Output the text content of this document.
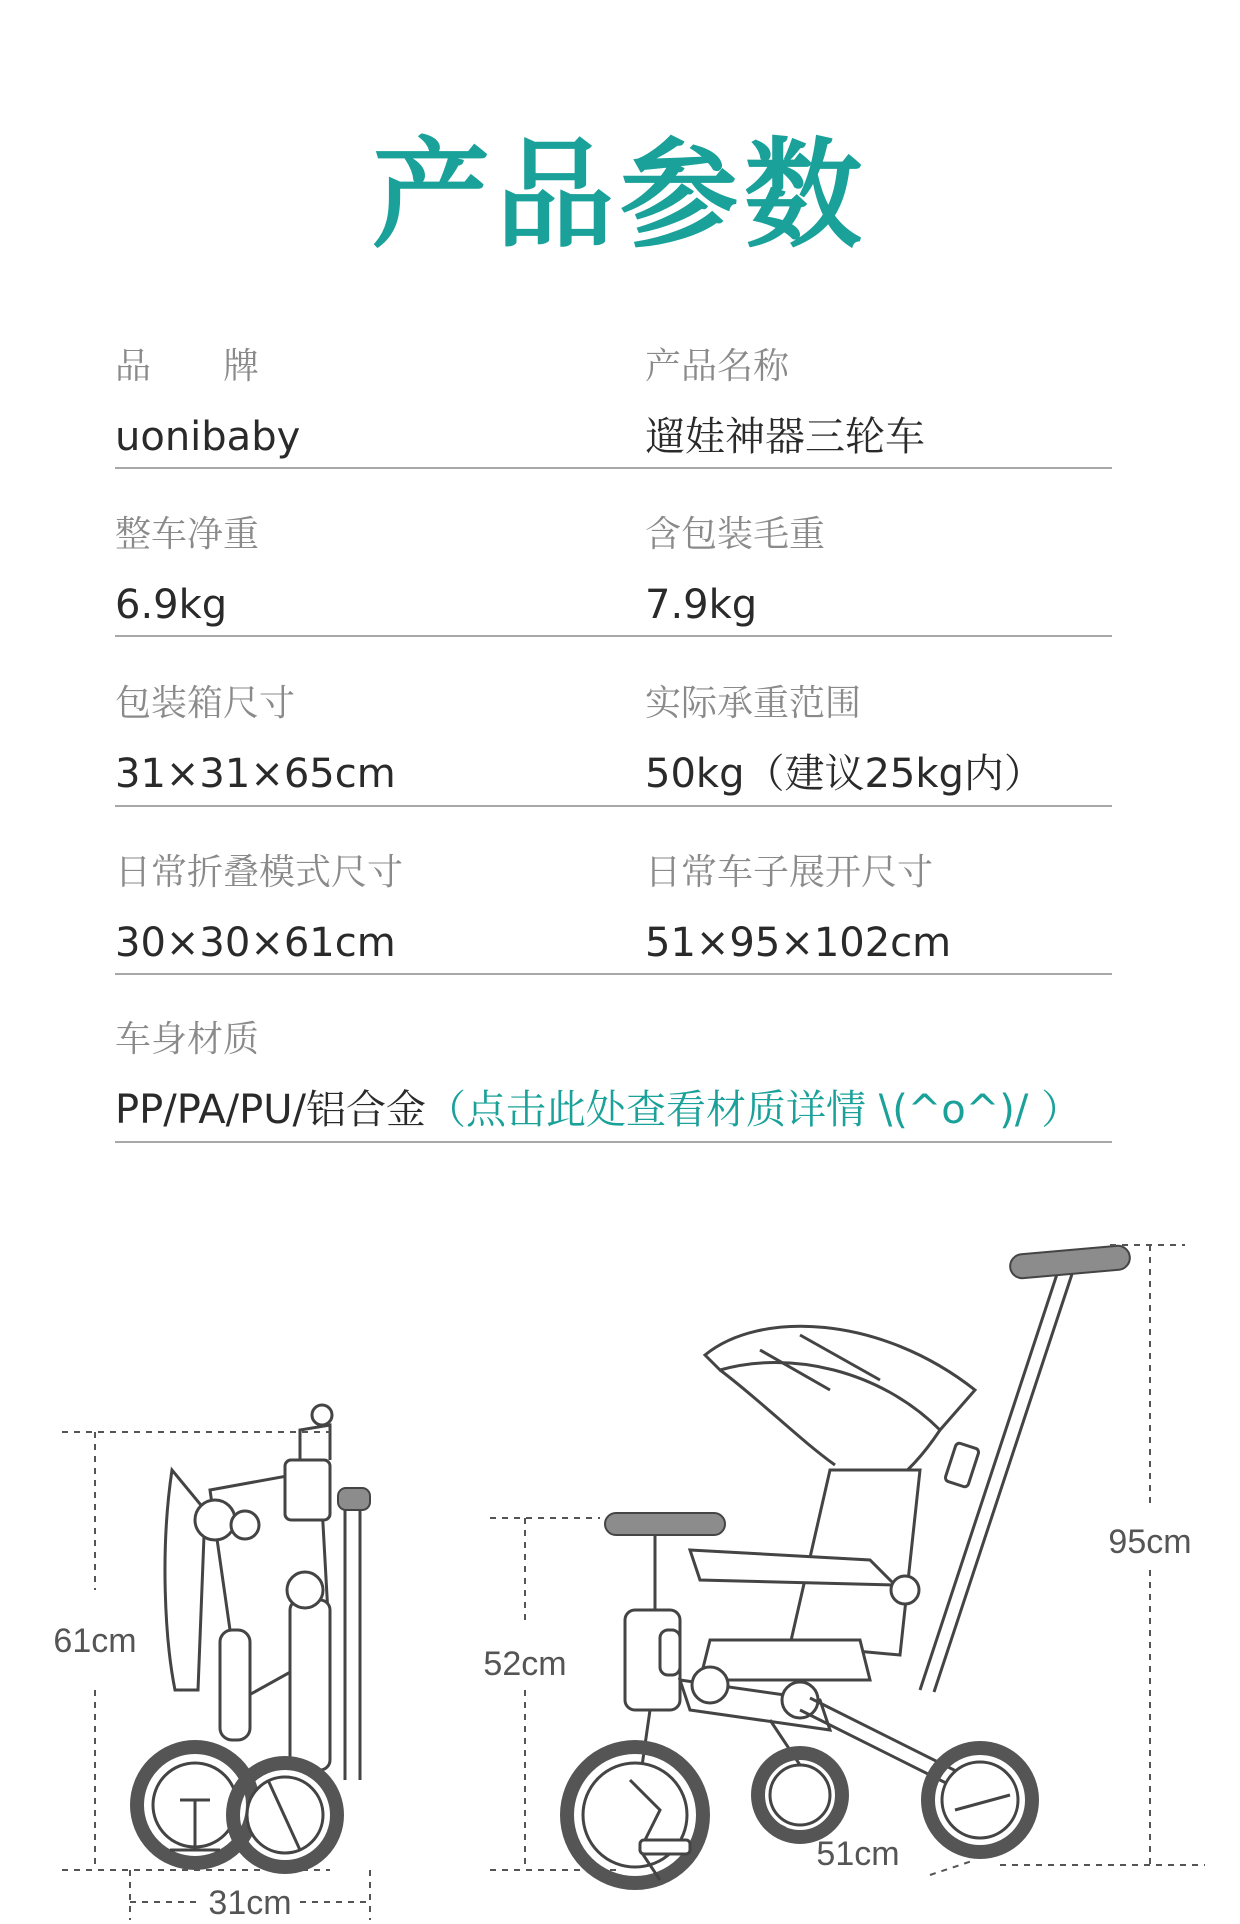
产品参数
品　　牌
uonibaby
产品名称
遛娃神器三轮车
整车净重
6.9kg
含包装毛重
7.9kg
包装箱尺寸
31×31×65cm
实际承重范围
50kg（建议25kg内）
日常折叠模式尺寸
30×30×61cm
日常车子展开尺寸
51×95×102cm
车身材质
PP/PA/PU/铝合金（点击此处查看材质详情 \(^o^)/ ）
61cm
31cm
95cm
52cm
51cm
